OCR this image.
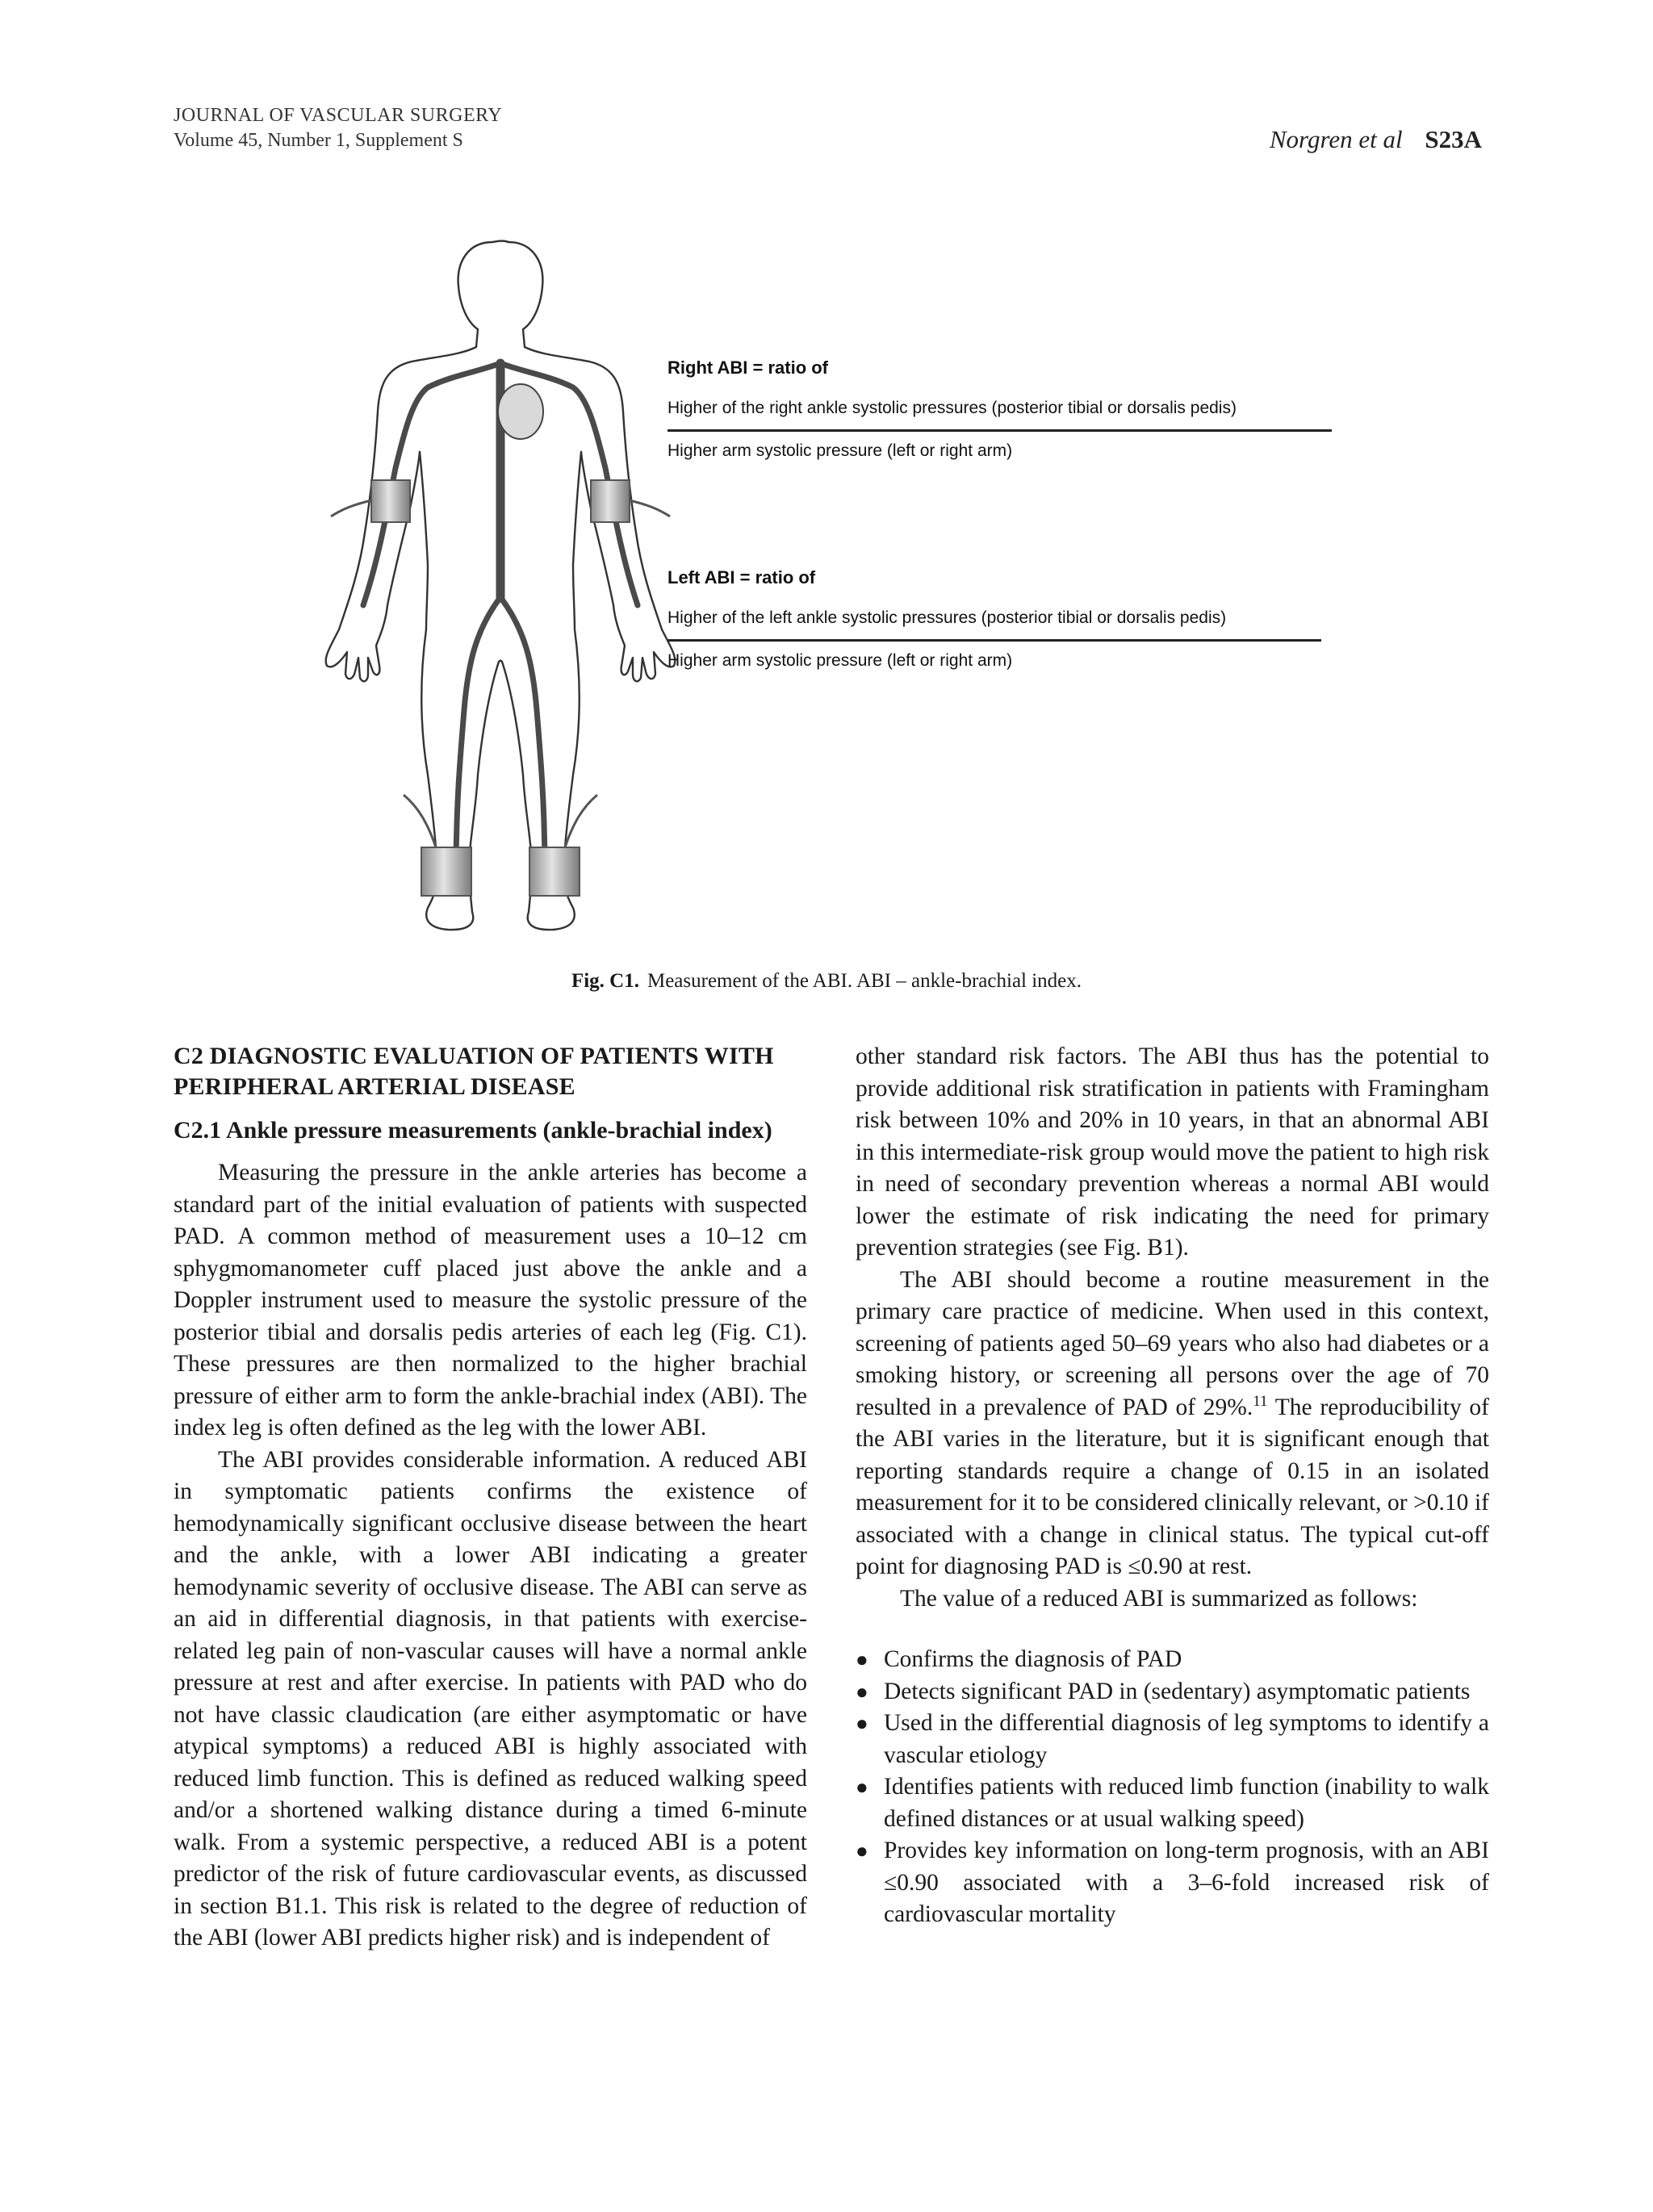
JOURNAL OF VASCULAR SURGERY
Volume 45, Number 1, Supplement S	Norgren et al S23A
Right ABI = ratio of
Higher of the right ankle systolic pressures (posterior tibial or dorsalis pedis)
Higher arm systolic pressure (left or right arm)
Left ABI = ratio of
Higher of the left ankle systolic pressures (posterior tibial or dorsalis pedis)
Higher arm systolic pressure (left or right arm)
Fig. C1. Measurement of the ABI. ABI – ankle-brachial index.
C2 DIAGNOSTIC EVALUATION OF PATIENTS WITH PERIPHERAL ARTERIAL DISEASE
C2.1 Ankle pressure measurements (ankle-brachial index)

Measuring the pressure in the ankle arteries has become a standard part of the initial evaluation of patients with suspected PAD. A common method of measurement uses a 10–12 cm sphygmomanometer cuff placed just above the ankle and a Doppler instrument used to measure the systolic pressure of the posterior tibial and dorsalis pedis arteries of each leg (Fig. C1). These pressures are then normalized to the higher brachial pressure of either arm to form the ankle-brachial index (ABI). The index leg is often defined as the leg with the lower ABI.

The ABI provides considerable information. A reduced ABI in symptomatic patients confirms the existence of hemodynamically significant occlusive disease between the heart and the ankle, with a lower ABI indicating a greater hemodynamic severity of occlusive disease. The ABI can serve as an aid in differential diagnosis, in that patients with exercise-related leg pain of non-vascular causes will have a normal ankle pressure at rest and after exercise. In patients with PAD who do not have classic claudication (are either asymptomatic or have atypical symptoms) a reduced ABI is highly associated with reduced limb function. This is defined as reduced walking speed and/or a shortened walking distance during a timed 6-minute walk. From a systemic perspective, a reduced ABI is a potent predictor of the risk of future cardiovascular events, as discussed in section B1.1. This risk is related to the degree of reduction of the ABI (lower ABI predicts higher risk) and is independent of

other standard risk factors. The ABI thus has the potential to provide additional risk stratification in patients with Framingham risk between 10% and 20% in 10 years, in that an abnormal ABI in this intermediate-risk group would move the patient to high risk in need of secondary prevention whereas a normal ABI would lower the estimate of risk indicating the need for primary prevention strategies (see Fig. B1).

The ABI should become a routine measurement in the primary care practice of medicine. When used in this context, screening of patients aged 50–69 years who also had diabetes or a smoking history, or screening all persons over the age of 70 resulted in a prevalence of PAD of 29%.$^{11}$ The reproducibility of the ABI varies in the literature, but it is significant enough that reporting standards require a change of 0.15 in an isolated measurement for it to be considered clinically relevant, or >0.10 if associated with a change in clinical status. The typical cut-off point for diagnosing PAD is ≤0.90 at rest.

The value of a reduced ABI is summarized as follows:

● Confirms the diagnosis of PAD
● Detects significant PAD in (sedentary) asymptomatic patients
● Used in the differential diagnosis of leg symptoms to identify a vascular etiology
● Identifies patients with reduced limb function (inability to walk defined distances or at usual walking speed)
● Provides key information on long-term prognosis, with an ABI ≤0.90 associated with a 3–6-fold increased risk of cardiovascular mortality
